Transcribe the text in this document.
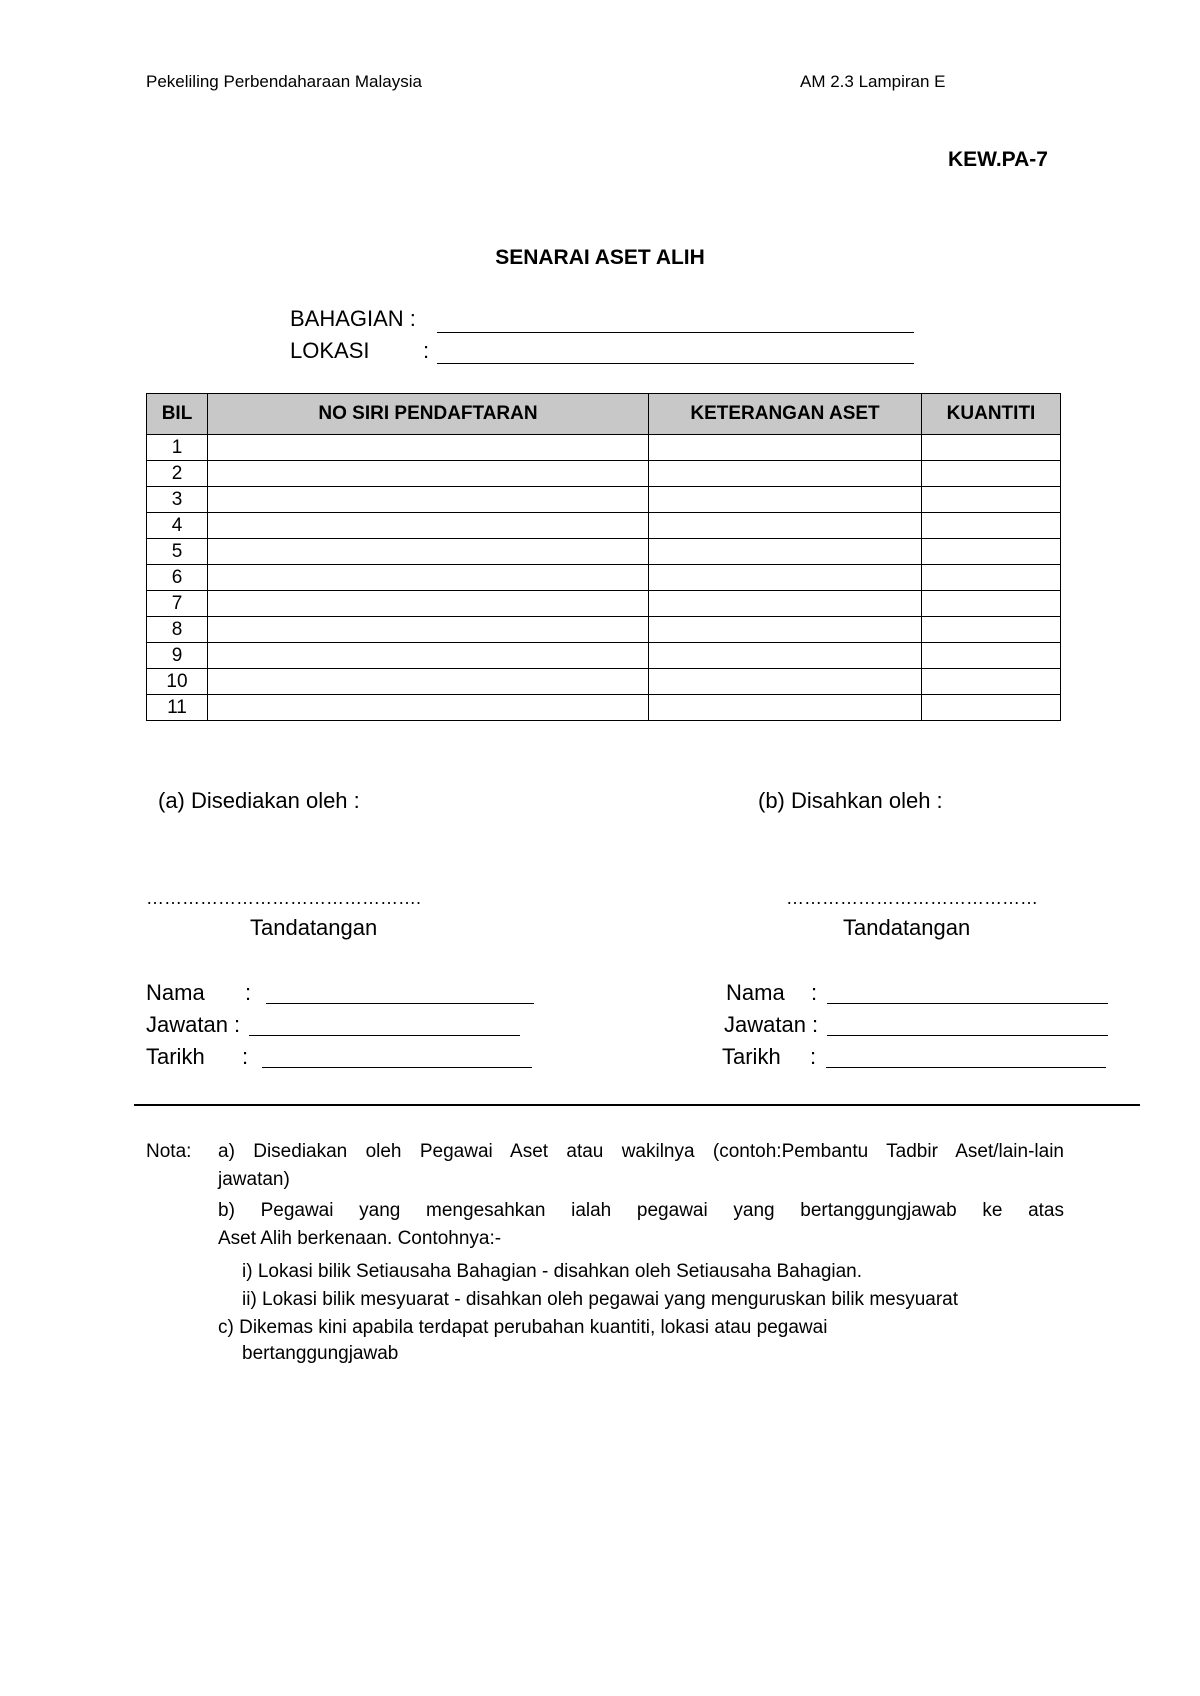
Pekeliling Perbendaharaan Malaysia	AM 2.3 Lampiran E
KEW.PA-7
SENARAI ASET ALIH
BAHAGIAN :
LOKASI :
BIL	NO SIRI PENDAFTARAN	KETERANGAN ASET	KUANTITI
1			
2			
3			
4			
5			
6			
7			
8			
9			
10			
11			
(a) Disediakan oleh :	(b) Disahkan oleh :
……………………………………….	……………………………………
Tandatangan	Tandatangan
Nama :
Jawatan :
Tarikh :
Nama :
Jawatan :
Tarikh :
Nota: a) Disediakan oleh Pegawai Aset atau wakilnya (contoh:Pembantu Tadbir Aset/lain-lain
jawatan)
b) Pegawai yang mengesahkan ialah pegawai yang bertanggungjawab ke atas
Aset Alih berkenaan. Contohnya:-
i) Lokasi bilik Setiausaha Bahagian - disahkan oleh Setiausaha Bahagian.
ii) Lokasi bilik mesyuarat - disahkan oleh pegawai yang menguruskan bilik mesyuarat
c) Dikemas kini apabila terdapat perubahan kuantiti, lokasi atau pegawai
bertanggungjawab
